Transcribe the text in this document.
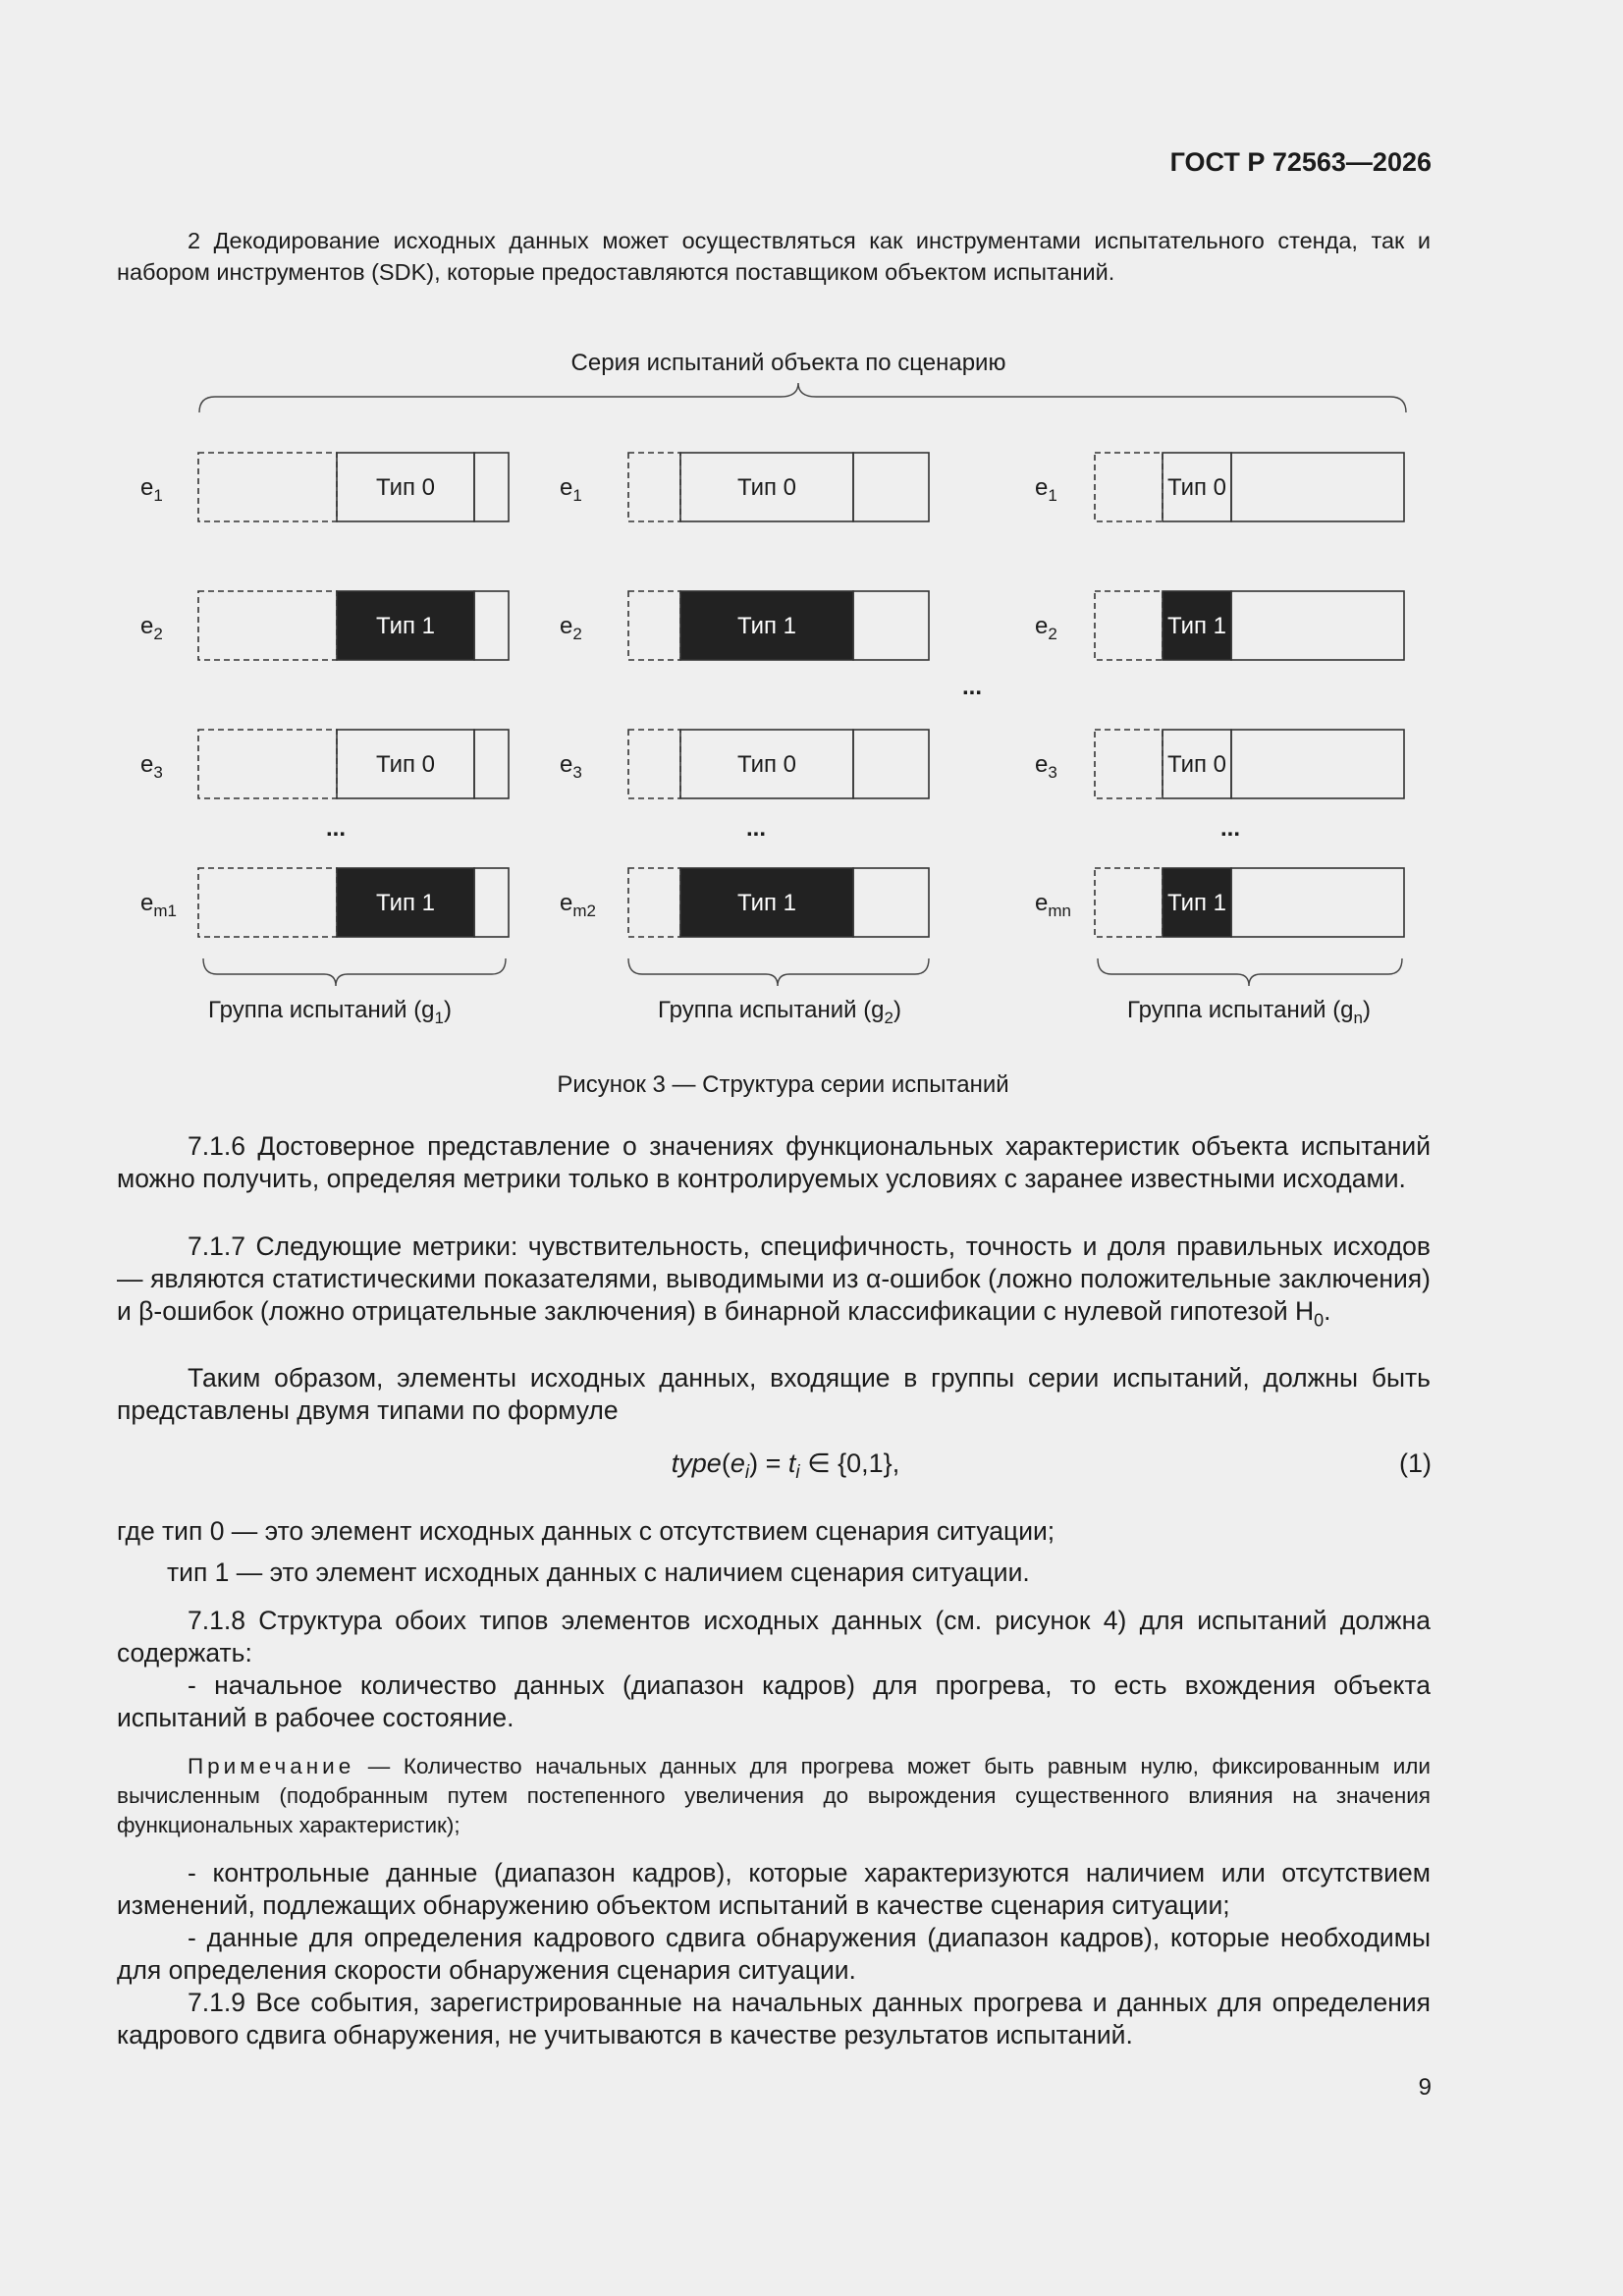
ГОСТ Р 72563—2026
2 Декодирование исходных данных может осуществляться как инструментами испытательного стенда, так и набором инструментов (SDK), которые предоставляются поставщиком объектом испытаний.
Серия испытаний объекта по сценарию
Тип 0
$e_1$
Тип 1
$e_2$
Тип 0
$e_3$
Тип 1
$e_{m1}$
Тип 0
$e_1$
Тип 1
$e_2$
Тип 0
$e_3$
Тип 1
$e_{m2}$
Тип 0
$e_1$
Тип 1
$e_2$
Тип 0
$e_3$
Тип 1
$e_{mn}$
...	...	...
...
Группа испытаний $(g_1)$	Группа испытаний $(g_2)$	Группа испытаний $(g_n)$
Рисунок 3 — Структура серии испытаний
7.1.6 Достоверное представление о значениях функциональных характеристик объекта испытаний можно получить, определяя метрики только в контролируемых условиях с заранее известными исходами.
7.1.7 Следующие метрики: чувствительность, специфичность, точность и доля правильных исходов — являются статистическими показателями, выводимыми из α-ошибок (ложно положительные заключения) и β-ошибок (ложно отрицательные заключения) в бинарной классификации с нулевой гипотезой $H_0$.
Таким образом, элементы исходных данных, входящие в группы серии испытаний, должны быть представлены двумя типами по формуле
$type(e_i) = t_i$ ∈ {0,1},	(1)
где тип 0 — это элемент исходных данных с отсутствием сценария ситуации;
тип 1 — это элемент исходных данных с наличием сценария ситуации.
7.1.8 Структура обоих типов элементов исходных данных (см. рисунок 4) для испытаний должна содержать:
- начальное количество данных (диапазон кадров) для прогрева, то есть вхождения объекта испытаний в рабочее состояние.
Примечание — Количество начальных данных для прогрева может быть равным нулю, фиксированным или вычисленным (подобранным путем постепенного увеличения до вырождения существенного влияния на значения функциональных характеристик);
- контрольные данные (диапазон кадров), которые характеризуются наличием или отсутствием изменений, подлежащих обнаружению объектом испытаний в качестве сценария ситуации;
- данные для определения кадрового сдвига обнаружения (диапазон кадров), которые необходимы для определения скорости обнаружения сценария ситуации.
7.1.9 Все события, зарегистрированные на начальных данных прогрева и данных для определения кадрового сдвига обнаружения, не учитываются в качестве результатов испытаний.
9
